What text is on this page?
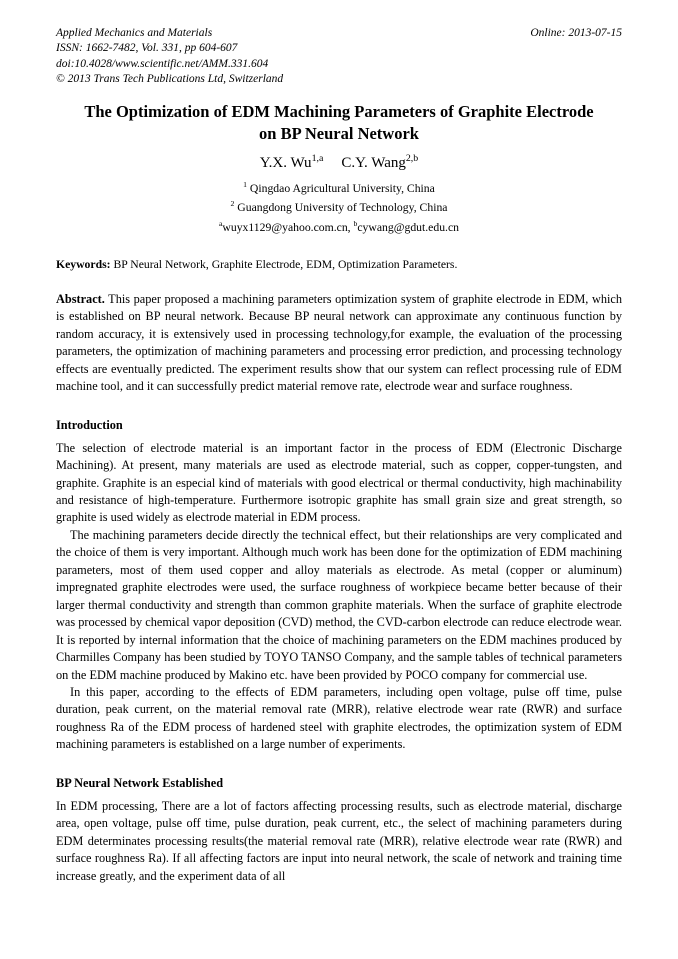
Online: 2013-07-15
Applied Mechanics and Materials
ISSN: 1662-7482, Vol. 331, pp 604-607
doi:10.4028/www.scientific.net/AMM.331.604
© 2013 Trans Tech Publications Ltd, Switzerland
The Optimization of EDM Machining Parameters of Graphite Electrode
on BP Neural Network
Y.X. Wu$^{1,a}$ C.Y. Wang$^{2,b}$
$^1$ Qingdao Agricultural University, China
$^2$ Guangdong University of Technology, China
$^a$wuyx1129@yahoo.com.cn, $^b$cywang@gdut.edu.cn
Keywords: BP Neural Network, Graphite Electrode, EDM, Optimization Parameters.
Abstract. This paper proposed a machining parameters optimization system of graphite electrode in EDM, which is established on BP neural network. Because BP neural network can approximate any continuous function by random accuracy, it is extensively used in processing technology,for example, the evaluation of the processing parameters, the optimization of machining parameters and processing error prediction, and processing technology effects are eventually predicted. The experiment results show that our system can reflect processing rule of EDM machine tool, and it can successfully predict material remove rate, electrode wear and surface roughness.
Introduction

The selection of electrode material is an important factor in the process of EDM (Electronic Discharge Machining). At present, many materials are used as electrode material, such as copper, copper-tungsten, and graphite. Graphite is an especial kind of materials with good electrical or thermal conductivity, high machinability and resistance of high-temperature. Furthermore isotropic graphite has small grain size and great strength, so graphite is used widely as electrode material in EDM process.

The machining parameters decide directly the technical effect, but their relationships are very complicated and the choice of them is very important. Although much work has been done for the optimization of EDM machining parameters, most of them used copper and alloy materials as electrode. As metal (copper or aluminum) impregnated graphite electrodes were used, the surface roughness of workpiece became better because of their larger thermal conductivity and strength than common graphite materials. When the surface of graphite electrode was processed by chemical vapor deposition (CVD) method, the CVD-carbon electrode can reduce electrode wear. It is reported by internal information that the choice of machining parameters on the EDM machines produced by Charmilles Company has been studied by TOYO TANSO Company, and the sample tables of technical parameters on the EDM machine produced by Makino etc. have been provided by POCO company for commercial use.

In this paper, according to the effects of EDM parameters, including open voltage, pulse off time, pulse duration, peak current, on the material removal rate (MRR), relative electrode wear rate (RWR) and surface roughness Ra of the EDM process of hardened steel with graphite electrodes, the optimization system of EDM machining parameters is established on a large number of experiments.

BP Neural Network Established

In EDM processing, There are a lot of factors affecting processing results, such as electrode material, discharge area, open voltage, pulse off time, pulse duration, peak current, etc., the select of machining parameters during EDM determinates processing results(the material removal rate (MRR), relative electrode wear rate (RWR) and surface roughness Ra). If all affecting factors are input into neural network, the scale of network and training time increase greatly, and the experiment data of all
